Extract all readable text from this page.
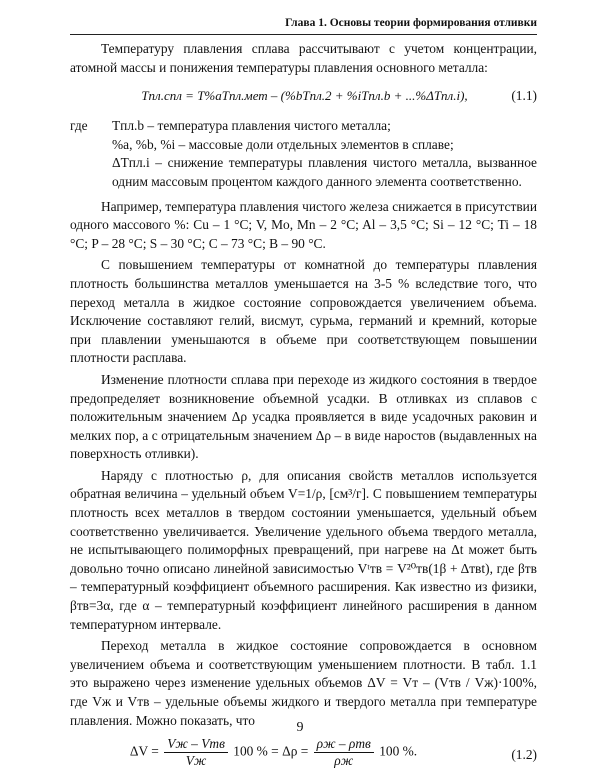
Глава 1. Основы теории формирования отливки

Температуру плавления сплава рассчитывают с учетом концентрации, атомной массы и понижения температуры плавления основного металла:

Tпл.спл = T%aTпл.мет – (%bTпл.2 + %iTпл.b + ...%ΔTпл.i),	(1.1)
где	Tпл.b – температура плавления чистого металла;
%a, %b, %i – массовые доли отдельных элементов в сплаве;
ΔTпл.i – снижение температуры плавления чистого металла, вызванное одним массовым процентом каждого данного элемента соответственно.

Например, температура плавления чистого железа снижается в присутствии одного массового %: Cu – 1 °C; V, Mo, Mn – 2 °C; Al – 3,5 °C; Si – 12 °C; Ti – 18 °C; P – 28 °C; S – 30 °C; C – 73 °C; B – 90 °C.

С повышением температуры от комнатной до температуры плавления плотность большинства металлов уменьшается на 3-5 % вследствие того, что переход металла в жидкое состояние сопровождается увеличением объема. Исключение составляют гелий, висмут, сурьма, германий и кремний, которые при плавлении уменьшаются в объеме при соответствующем повышении плотности расплава.

Изменение плотности сплава при переходе из жидкого состояния в твердое предопределяет возникновение объемной усадки. В отливках из сплавов с положительным значением Δρ усадка проявляется в виде усадочных раковин и мелких пор, а с отрицательным значением Δρ – в виде наростов (выдавленных на поверхность отливки).

Наряду с плотностью ρ, для описания свойств металлов используется обратная величина – удельный объем V=1/ρ, [см³/г]. С повышением температуры плотность всех металлов в твердом состоянии уменьшается, удельный объем соответственно увеличивается. Увеличение удельного объема твердого металла, не испытывающего полиморфных превращений, при нагреве на Δt может быть довольно точно описано линейной зависимостью Vᵗтв = V²⁰тв(1β + Δтвt), где βтв – температурный коэффициент объемного расширения. Как известно из физики, βтв=3α, где α – температурный коэффициент линейного расширения в данном температурном интервале.

Переход металла в жидкое состояние сопровождается в основном увеличением объема и соответствующим уменьшением плотности. В табл. 1.1 это выражено через изменение удельных объемов ΔV = Vт – (Vтв / Vж)·100%, где Vж и Vтв – удельные объемы жидкого и твердого металла при температуре плавления. Можно показать, что

$\Delta V = \frac{\text{Vж – Vтв}}{Vж} 100$ % = $\Delta\rho = \frac{\text{ρж – ρтв}}{\rho ж} 100$ %.	(1.2)
9
